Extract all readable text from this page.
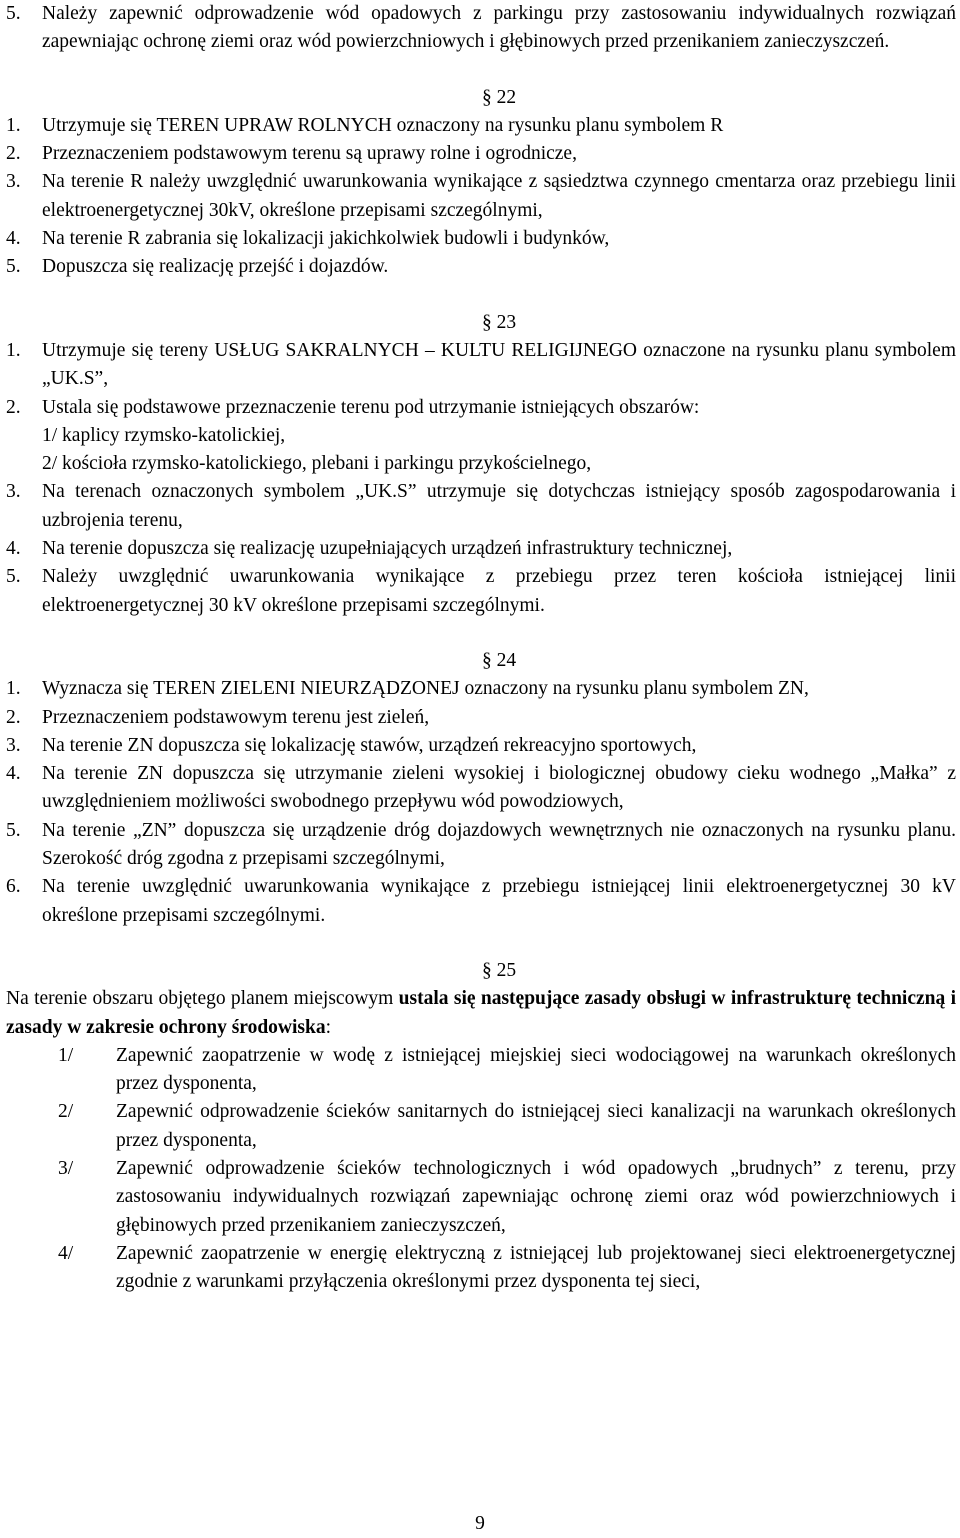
5. Należy zapewnić odprowadzenie wód opadowych z parkingu przy zastosowaniu indywidualnych rozwiązań zapewniając ochronę ziemi oraz wód powierzchniowych i głębinowych przed przenikaniem zanieczyszczeń.
§ 22
1. Utrzymuje się TEREN UPRAW ROLNYCH oznaczony na rysunku planu symbolem R
2. Przeznaczeniem podstawowym terenu są uprawy rolne i ogrodnicze,
3. Na terenie R należy uwzględnić uwarunkowania wynikające z sąsiedztwa czynnego cmentarza oraz przebiegu linii elektroenergetycznej 30kV, określone przepisami szczególnymi,
4. Na terenie R zabrania się lokalizacji jakichkolwiek budowli i budynków,
5. Dopuszcza się realizację przejść i dojazdów.
§ 23
1. Utrzymuje się tereny USŁUG SAKRALNYCH – KULTU RELIGIJNEGO oznaczone na rysunku planu symbolem „UK.S”,
2. Ustala się podstawowe przeznaczenie terenu pod utrzymanie istniejących obszarów:
1/ kaplicy rzymsko-katolickiej,
2/ kościoła rzymsko-katolickiego, plebani i parkingu przykościelnego,
3. Na terenach oznaczonych symbolem „UK.S” utrzymuje się dotychczas istniejący sposób zagospodarowania i uzbrojenia terenu,
4. Na terenie dopuszcza się realizację uzupełniających urządzeń infrastruktury technicznej,
5. Należy uwzględnić uwarunkowania wynikające z przebiegu przez teren kościoła istniejącej linii elektroenergetycznej 30 kV określone przepisami szczególnymi.
§ 24
1. Wyznacza się TEREN ZIELENI NIEURZĄDZONEJ oznaczony na rysunku planu symbolem ZN,
2. Przeznaczeniem podstawowym terenu jest zieleń,
3. Na terenie ZN dopuszcza się lokalizację stawów, urządzeń rekreacyjno sportowych,
4. Na terenie ZN dopuszcza się utrzymanie zieleni wysokiej i biologicznej obudowy cieku wodnego „Małka” z uwzględnieniem możliwości swobodnego przepływu wód powodziowych,
5. Na terenie „ZN” dopuszcza się urządzenie dróg dojazdowych wewnętrznych nie oznaczonych na rysunku planu. Szerokość dróg zgodna z przepisami szczególnymi,
6. Na terenie uwzględnić uwarunkowania wynikające z przebiegu istniejącej linii elektroenergetycznej 30 kV określone przepisami szczególnymi.
§ 25
Na terenie obszaru objętego planem miejscowym ustala się następujące zasady obsługi w infrastrukturę techniczną i zasady w zakresie ochrony środowiska:
1/ Zapewnić zaopatrzenie w wodę z istniejącej miejskiej sieci wodociągowej na warunkach określonych przez dysponenta,
2/ Zapewnić odprowadzenie ścieków sanitarnych do istniejącej sieci kanalizacji na warunkach określonych przez dysponenta,
3/ Zapewnić odprowadzenie ścieków technologicznych i wód opadowych „brudnych” z terenu, przy zastosowaniu indywidualnych rozwiązań zapewniając ochronę ziemi oraz wód powierzchniowych i głębinowych przed przenikaniem zanieczyszczeń,
4/ Zapewnić zaopatrzenie w energię elektryczną z istniejącej lub projektowanej sieci elektroenergetycznej zgodnie z warunkami przyłączenia określonymi przez dysponenta tej sieci,
9
